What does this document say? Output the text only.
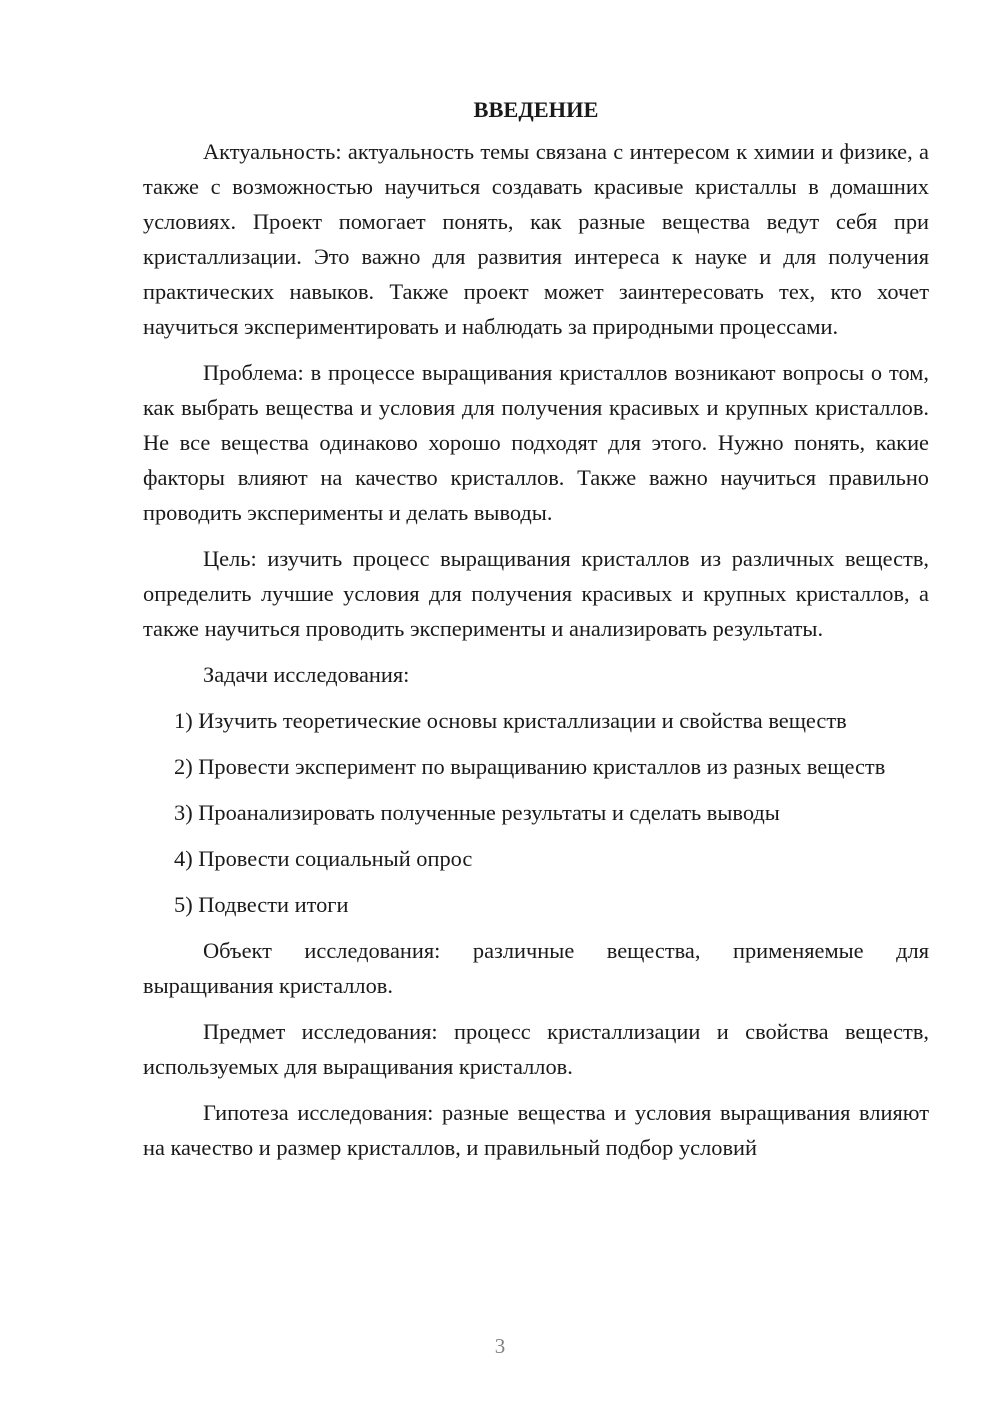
ВВЕДЕНИЕ

Актуальность: актуальность темы связана с интересом к химии и физике, а также с возможностью научиться создавать красивые кристаллы в домашних условиях. Проект помогает понять, как разные вещества ведут себя при кристаллизации. Это важно для развития интереса к науке и для получения практических навыков. Также проект может заинтересовать тех, кто хочет научиться экспериментировать и наблюдать за природными процессами.

Проблема: в процессе выращивания кристаллов возникают вопросы о том, как выбрать вещества и условия для получения красивых и крупных кристаллов. Не все вещества одинаково хорошо подходят для этого. Нужно понять, какие факторы влияют на качество кристаллов. Также важно научиться правильно проводить эксперименты и делать выводы.

Цель: изучить процесс выращивания кристаллов из различных веществ, определить лучшие условия для получения красивых и крупных кристаллов, а также научиться проводить эксперименты и анализировать результаты.

Задачи исследования:

1) Изучить теоретические основы кристаллизации и свойства веществ

2) Провести эксперимент по выращиванию кристаллов из разных веществ

3) Проанализировать полученные результаты и сделать выводы

4) Провести социальный опрос

5) Подвести итоги

Объект исследования: различные вещества, применяемые для выращивания кристаллов.

Предмет исследования: процесс кристаллизации и свойства веществ, используемых для выращивания кристаллов.

Гипотеза исследования: разные вещества и условия выращивания влияют на качество и размер кристаллов, и правильный подбор условий

3
